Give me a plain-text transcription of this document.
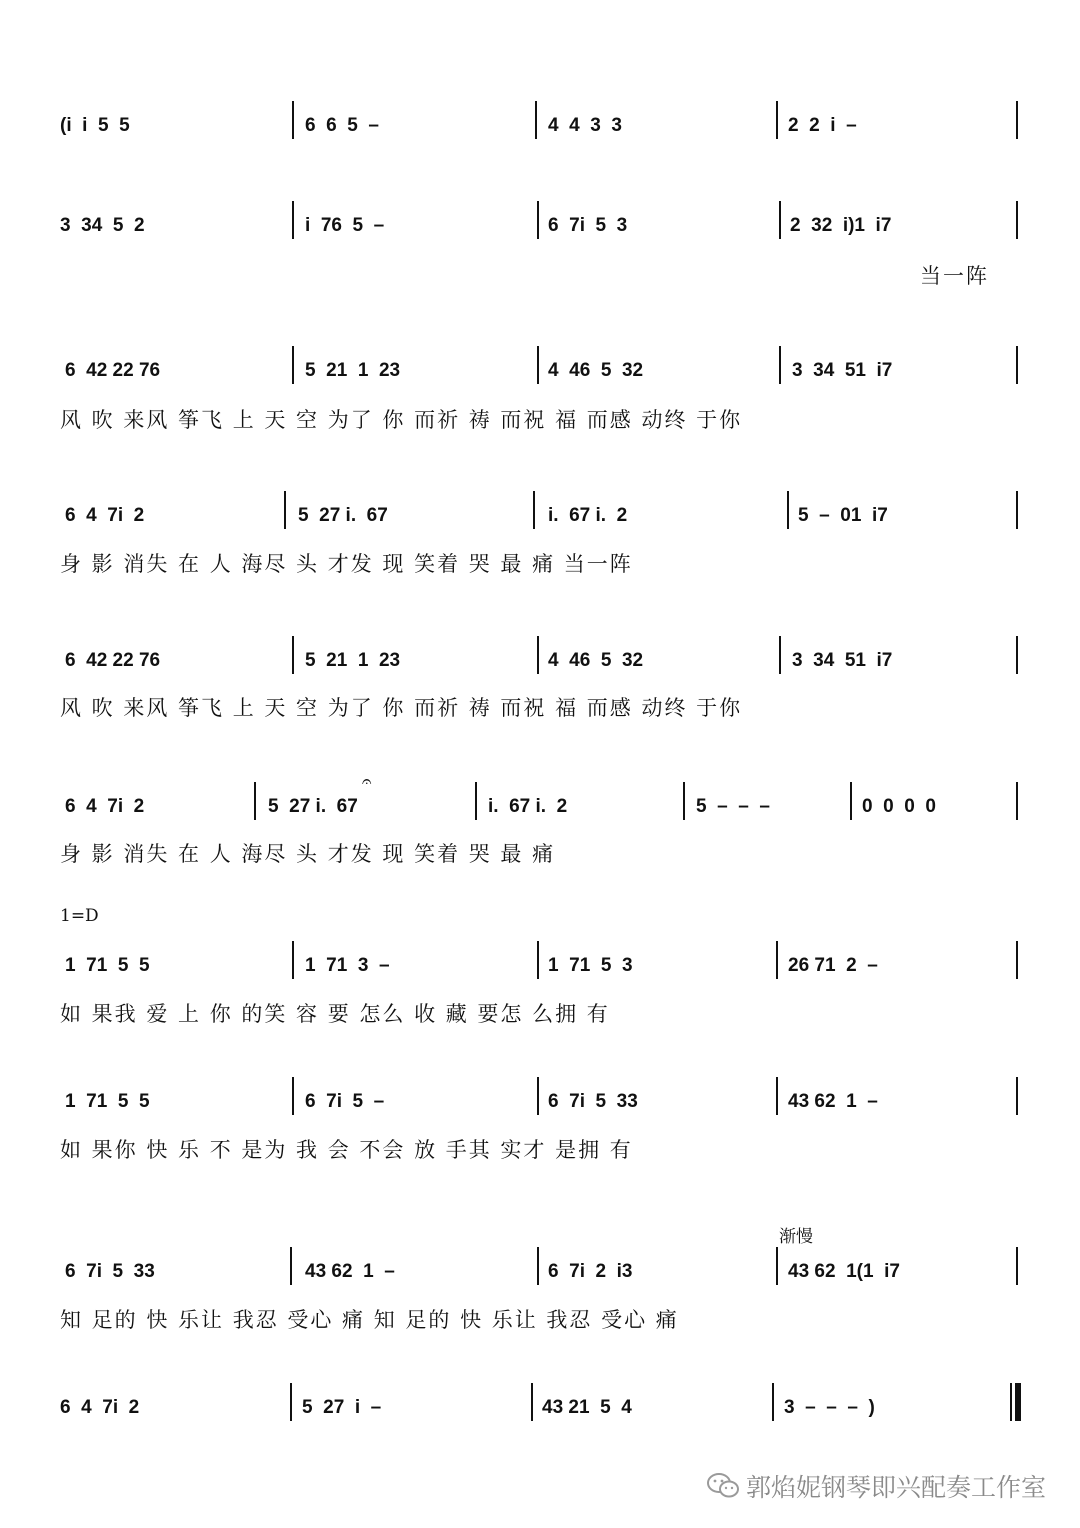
(i  i  5  5	6  6  5  –	4  4  3  3	2  2  i  –
3  34  5  2	i  76  5  –	6  7i  5  3	2  32  i)1  i7
当一阵
6  42 22 76	5  21  1  23	4  46  5  32	3  34  51  i7
风 吹 来风 筝飞 上 天 空 为了 你 而祈 祷 而祝 福 而感 动终 于你
6  4  7i  2	5  27 i.  67	i.  67 i.  2	5  –  01  i7
身 影 消失 在 人 海尽 头 才发 现 笑着 哭 最 痛 当一阵
6  42 22 76	5  21  1  23	4  46  5  32	3  34  51  i7
风 吹 来风 筝飞 上 天 空 为了 你 而祈 祷 而祝 福 而感 动终 于你
6  4  7i  2	5  27 i.  67
𝄐
i.  67 i.  2	5  –  –  –	0  0  0  0
身 影 消失 在 人 海尽 头 才发 现 笑着 哭 最 痛
1=D
1  71  5  5	1  71  3  –	1  71  5  3	26 71  2  –
如 果我 爱 上 你 的笑 容 要 怎么 收 藏 要怎 么拥 有
1  71  5  5	6  7i  5  –	6  7i  5  33	43 62  1  –
如 果你 快 乐 不 是为 我 会 不会 放 手其 实才 是拥 有
渐慢
6  7i  5  33	43 62  1  –	6  7i  2  i3	43 62  1(1  i7
知 足的 快 乐让 我忍 受心 痛 知 足的 快 乐让 我忍 受心 痛
6  4  7i  2	5  27  i  –	43 21  5  4	3  –  –  –  )
郭焰妮钢琴即兴配奏工作室
